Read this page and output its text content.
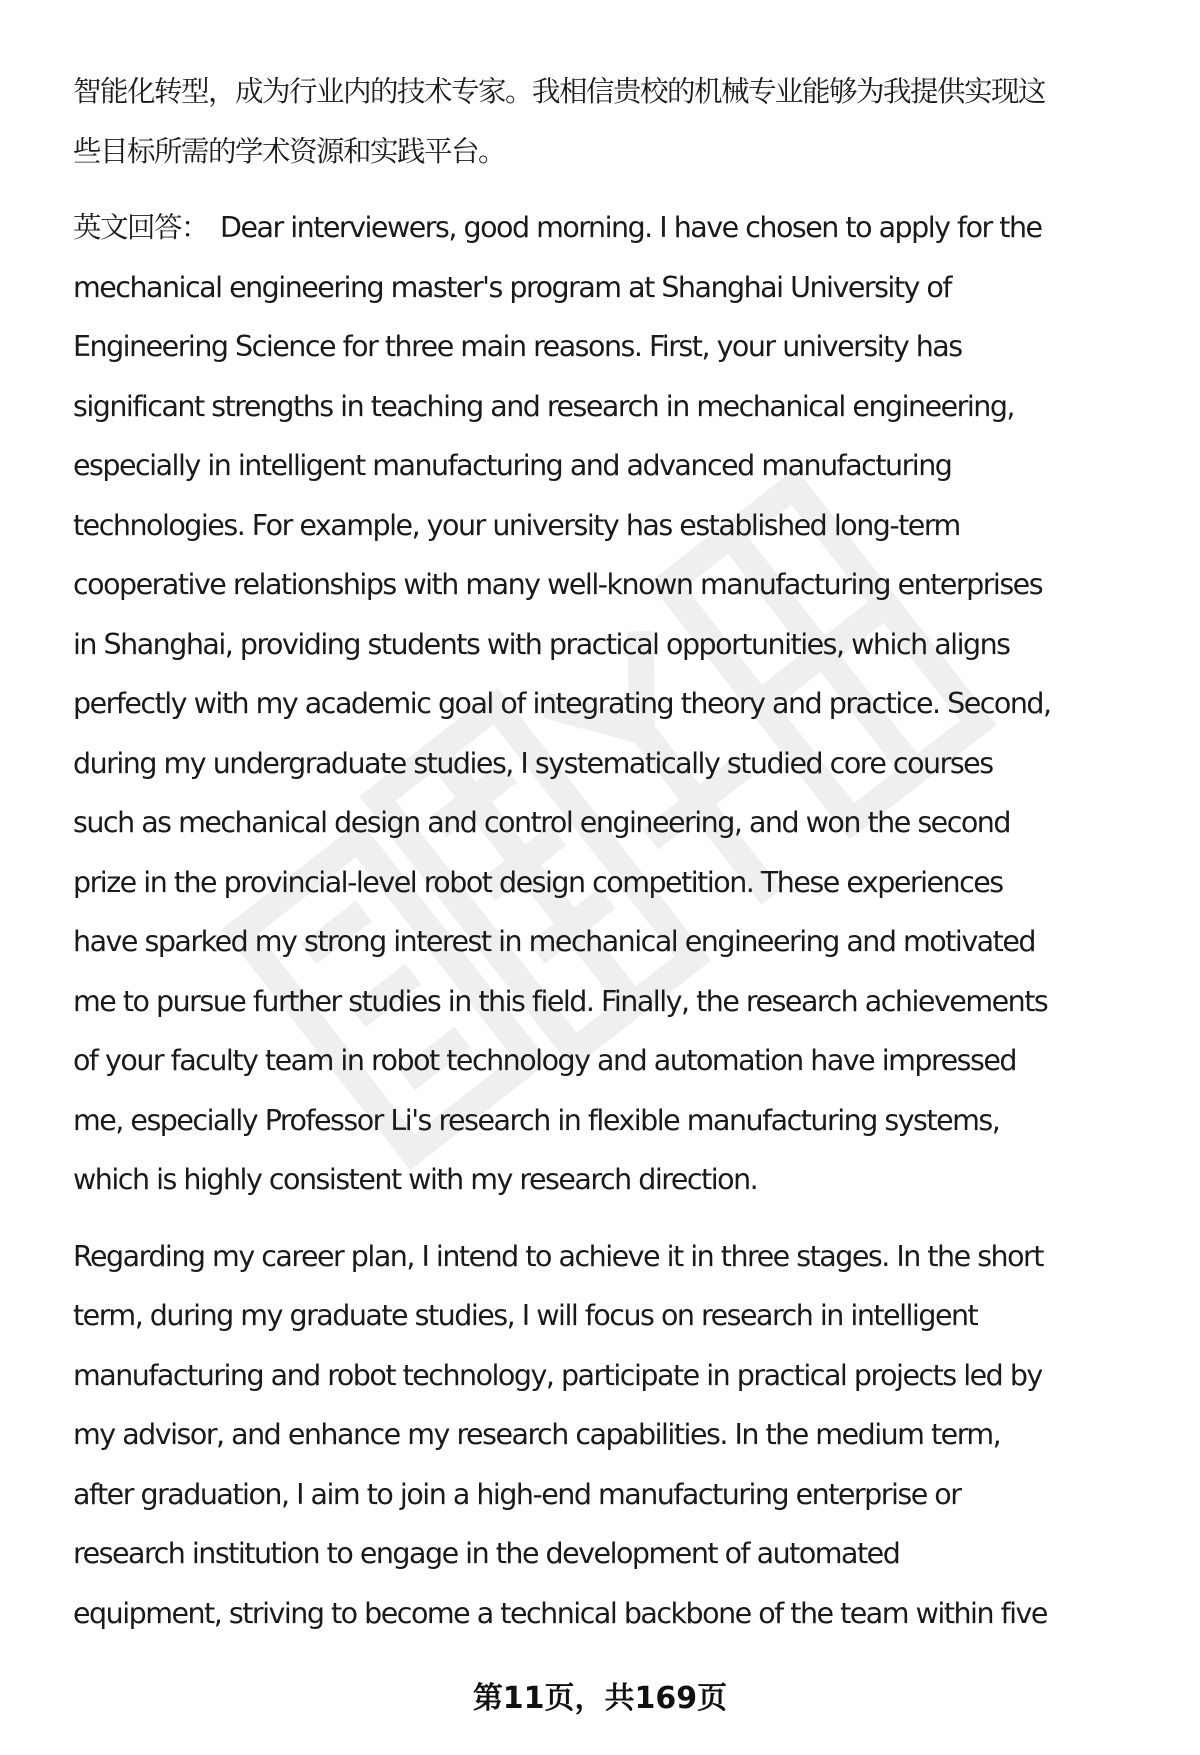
智能化转型，成为行业内的技术专家。我相信贵校的机械专业能够为我提供实现这
些目标所需的学术资源和实践平台。

英文回答： Dear interviewers, good morning. I have chosen to apply for the
mechanical engineering master's program at Shanghai University of
Engineering Science for three main reasons. First, your university has
significant strengths in teaching and research in mechanical engineering,
especially in intelligent manufacturing and advanced manufacturing
technologies. For example, your university has established long-term
cooperative relationships with many well-known manufacturing enterprises
in Shanghai, providing students with practical opportunities, which aligns
perfectly with my academic goal of integrating theory and practice. Second,
during my undergraduate studies, I systematically studied core courses
such as mechanical design and control engineering, and won the second
prize in the provincial-level robot design competition. These experiences
have sparked my strong interest in mechanical engineering and motivated
me to pursue further studies in this field. Finally, the research achievements
of your faculty team in robot technology and automation have impressed
me, especially Professor Li's research in flexible manufacturing systems,
which is highly consistent with my research direction.

Regarding my career plan, I intend to achieve it in three stages. In the short
term, during my graduate studies, I will focus on research in intelligent
manufacturing and robot technology, participate in practical projects led by
my advisor, and enhance my research capabilities. In the medium term,
after graduation, I aim to join a high-end manufacturing enterprise or
research institution to engage in the development of automated
equipment, striving to become a technical backbone of the team within five

第11页，共169页
